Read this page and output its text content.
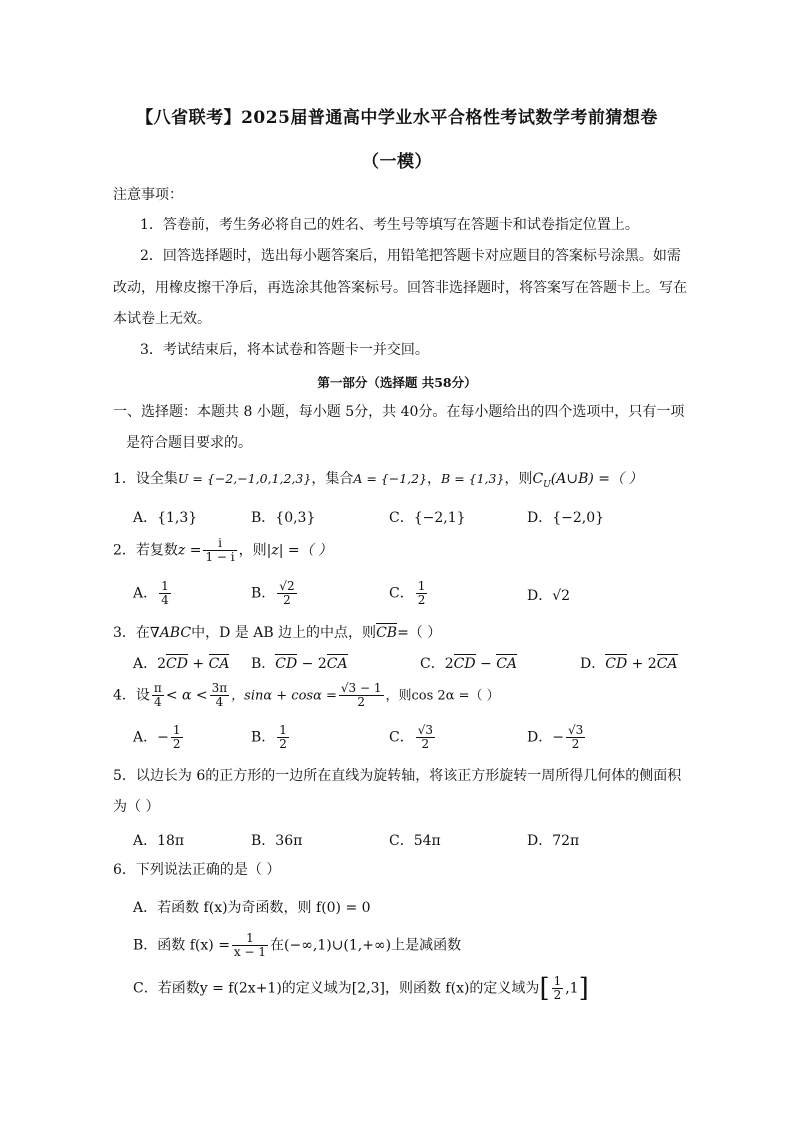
【八省联考】2025届普通高中学业水平合格性考试数学考前猜想卷
（一模）
注意事项：
1．答卷前，考生务必将自己的姓名、考生号等填写在答题卡和试卷指定位置上。
2．回答选择题时，选出每小题答案后，用铅笔把答题卡对应题目的答案标号涂黑。如需
改动，用橡皮擦干净后，再选涂其他答案标号。回答非选择题时，将答案写在答题卡上。写在
本试卷上无效。
3．考试结束后，将本试卷和答题卡一并交回。
第一部分（选择题 共58分）
一、选择题：本题共 8 小题，每小题 5分，共 40分。在每小题给出的四个选项中，只有一项
是符合题目要求的。
1．设全集U = {−2,−1,0,1,2,3}，集合A = {−1,2}，B = {1,3}，则$C_U(A\cup B)$ =（ ）
A．{1,3}	B．{0,3}	C．{−2,1}	D．{−2,0}
2．若复数$z = \frac{i}{1 - i}$ ，则|z| =（ ）
A． $\frac{1}{4}$	B． $\frac{√2}{2}$	C． $\frac{1}{2}$	D．√2
3．在∇ABC中，D 是 AB 边上的中点，则CB=（ ）
A．2CD + CA B．CD − 2CA	C．2CD − CA	D．CD + 2CA
4．设 $\frac{\pi}{4} < \alpha < \frac{3\pi}{4}$ ，$\sin\alpha + \cos\alpha = \frac{√3 - 1}{2}$ ，则cos 2α =（ ）
A．− $\frac{1}{2}$	B． $\frac{1}{2}$	C． $\frac{√3}{2}$	D．− $\frac{√3}{2}$
5．以边长为 6的正方形的一边所在直线为旋转轴，将该正方形旋转一周所得几何体的侧面积
为（ ）
A．18π	B．36π	C．54π	D．72π
6．下列说法正确的是（ ）
A．若函数 f(x)为奇函数，则 f(0) = 0
B．函数 $f(x) = \frac{1}{x - 1}$ 在(−∞,1)∪(1,+∞)上是减函数
C．若函数y = f(2x+1)的定义域为[2,3]，则函数 f(x)的定义域为[ $\frac{1}{2} ,1$]
